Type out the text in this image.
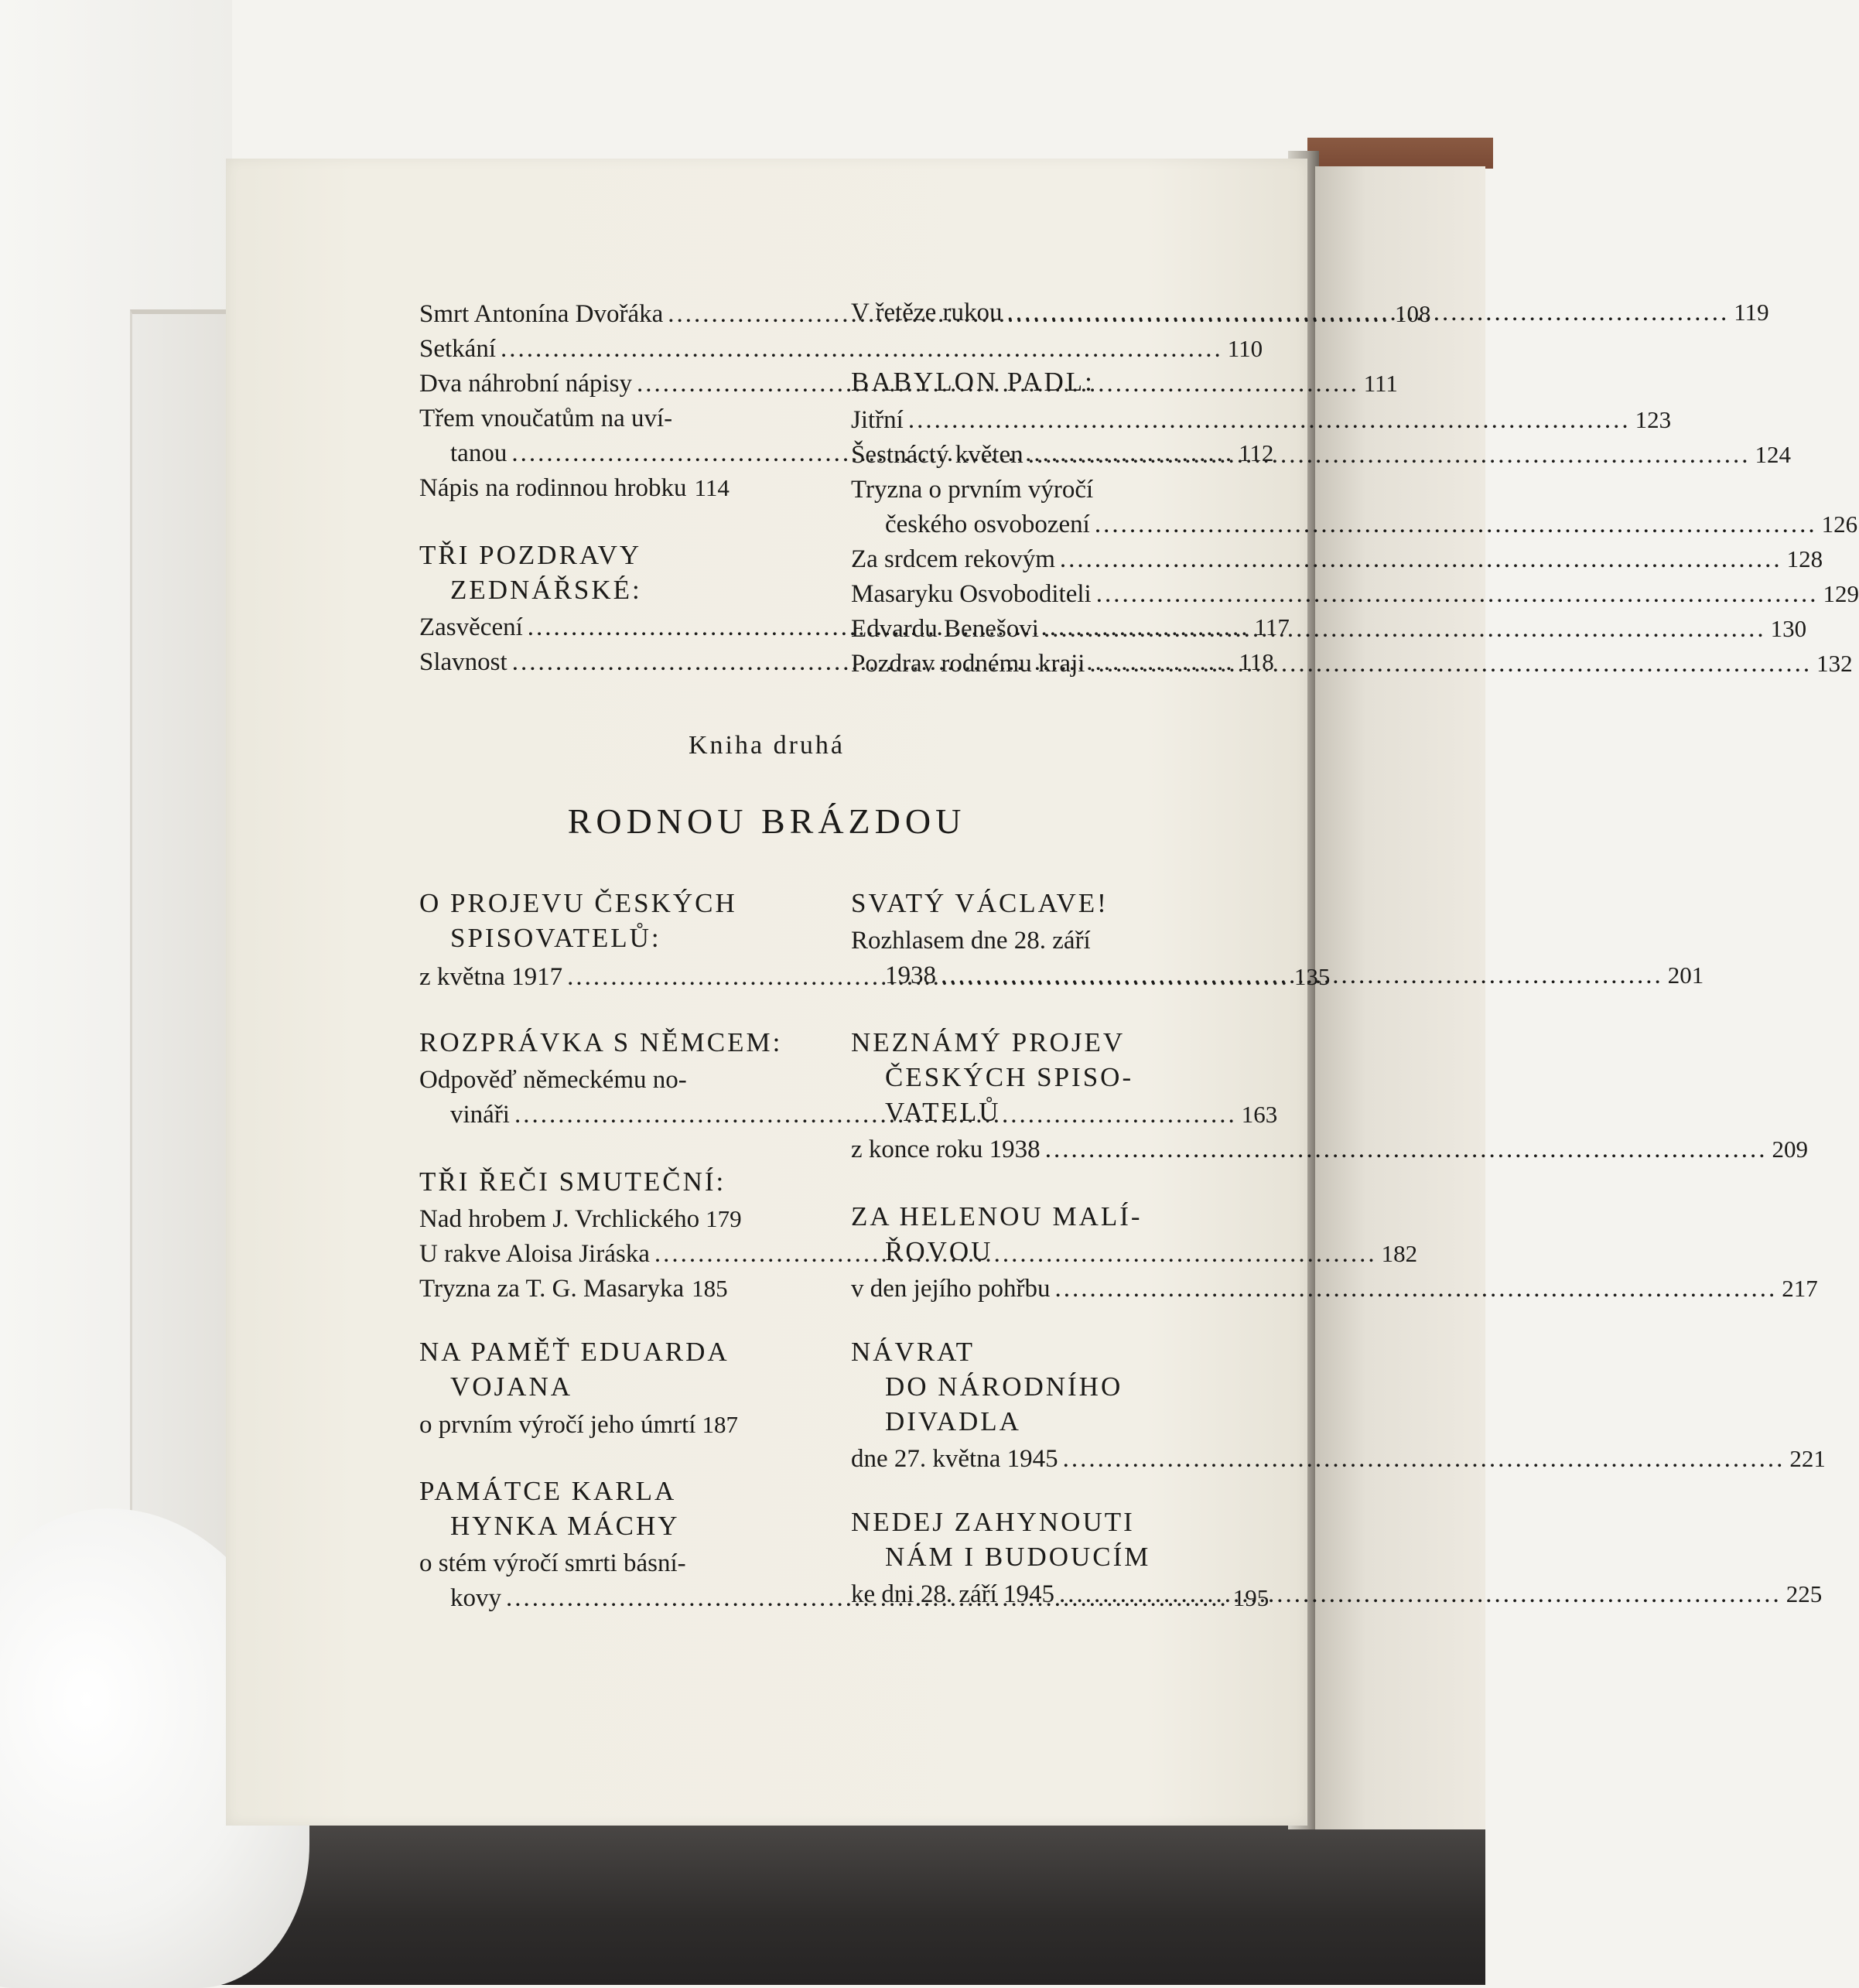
Smrt Antonína Dvořáka .....	108
Setkání .....	110
Dva náhrobní nápisy .....	111
Třem vnoučatům na uví-
tanou .....	112
Nápis na rodinnou hrobku 114
TŘI POZDRAVY
ZEDNÁŘSKÉ:
Zasvěcení .....	117
Slavnost .....	118
V řetěze rukou .....	119
BABYLON PADL:
Jitřní .....	123
Šestnáctý květen .....	124
Tryzna o prvním výročí
českého osvobození .....	126
Za srdcem rekovým .....	128
Masaryku Osvoboditeli .....	129
Edvardu Benešovi .....	130
Pozdrav rodnému kraji .....	132
Kniha druhá
RODNOU BRÁZDOU
O PROJEVU ČESKÝCH
SPISOVATELŮ:
z května 1917 .....	135
ROZPRÁVKA S NĚMCEM:
Odpověď německému no-
vináři .....	163
TŘI ŘEČI SMUTEČNÍ:
Nad hrobem J. Vrchlického 179
U rakve Aloisa Jiráska .....	182
Tryzna za T. G. Masaryka 185
NA PAMĚŤ EDUARDA
VOJANA
o prvním výročí jeho úmrtí 187
PAMÁTCE KARLA
HYNKA MÁCHY
o stém výročí smrti básní-
kovy .....	195
SVATÝ VÁCLAVE!
Rozhlasem dne 28. září
1938 .....	201
NEZNÁMÝ PROJEV
ČESKÝCH SPISO-
VATELŮ
z konce roku 1938 .....	209
ZA HELENOU MALÍ-
ŘOVOU
v den jejího pohřbu .....	217
NÁVRAT
DO NÁRODNÍHO
DIVADLA
dne 27. května 1945 .....	221
NEDEJ ZAHYNOUTI
NÁM I BUDOUCÍM
ke dni 28. září 1945 .....	225
